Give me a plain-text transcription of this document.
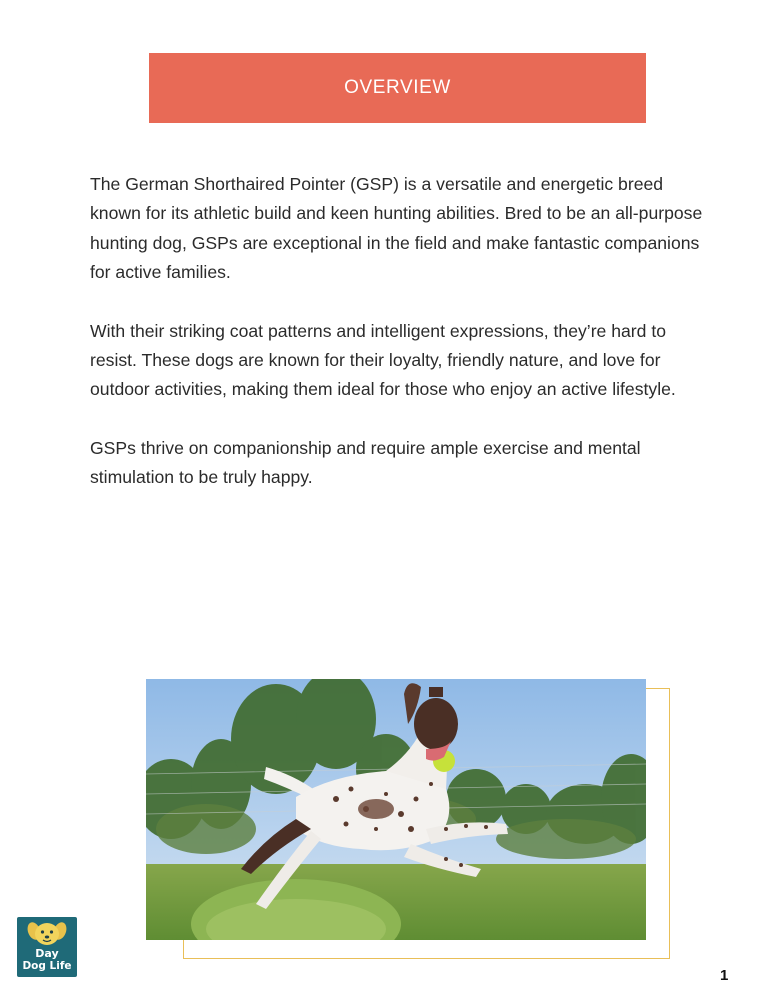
OVERVIEW

The German Shorthaired Pointer (GSP) is a versatile and energetic breed known for its athletic build and keen hunting abilities. Bred to be an all-purpose hunting dog, GSPs are exceptional in the field and make fantastic companions for active families.

With their striking coat patterns and intelligent expressions, they’re hard to resist. These dogs are known for their loyalty, friendly nature, and love for outdoor activities, making them ideal for those who enjoy an active lifestyle.

GSPs thrive on companionship and require ample exercise and mental stimulation to be truly happy.

Day
Dog Life
1
